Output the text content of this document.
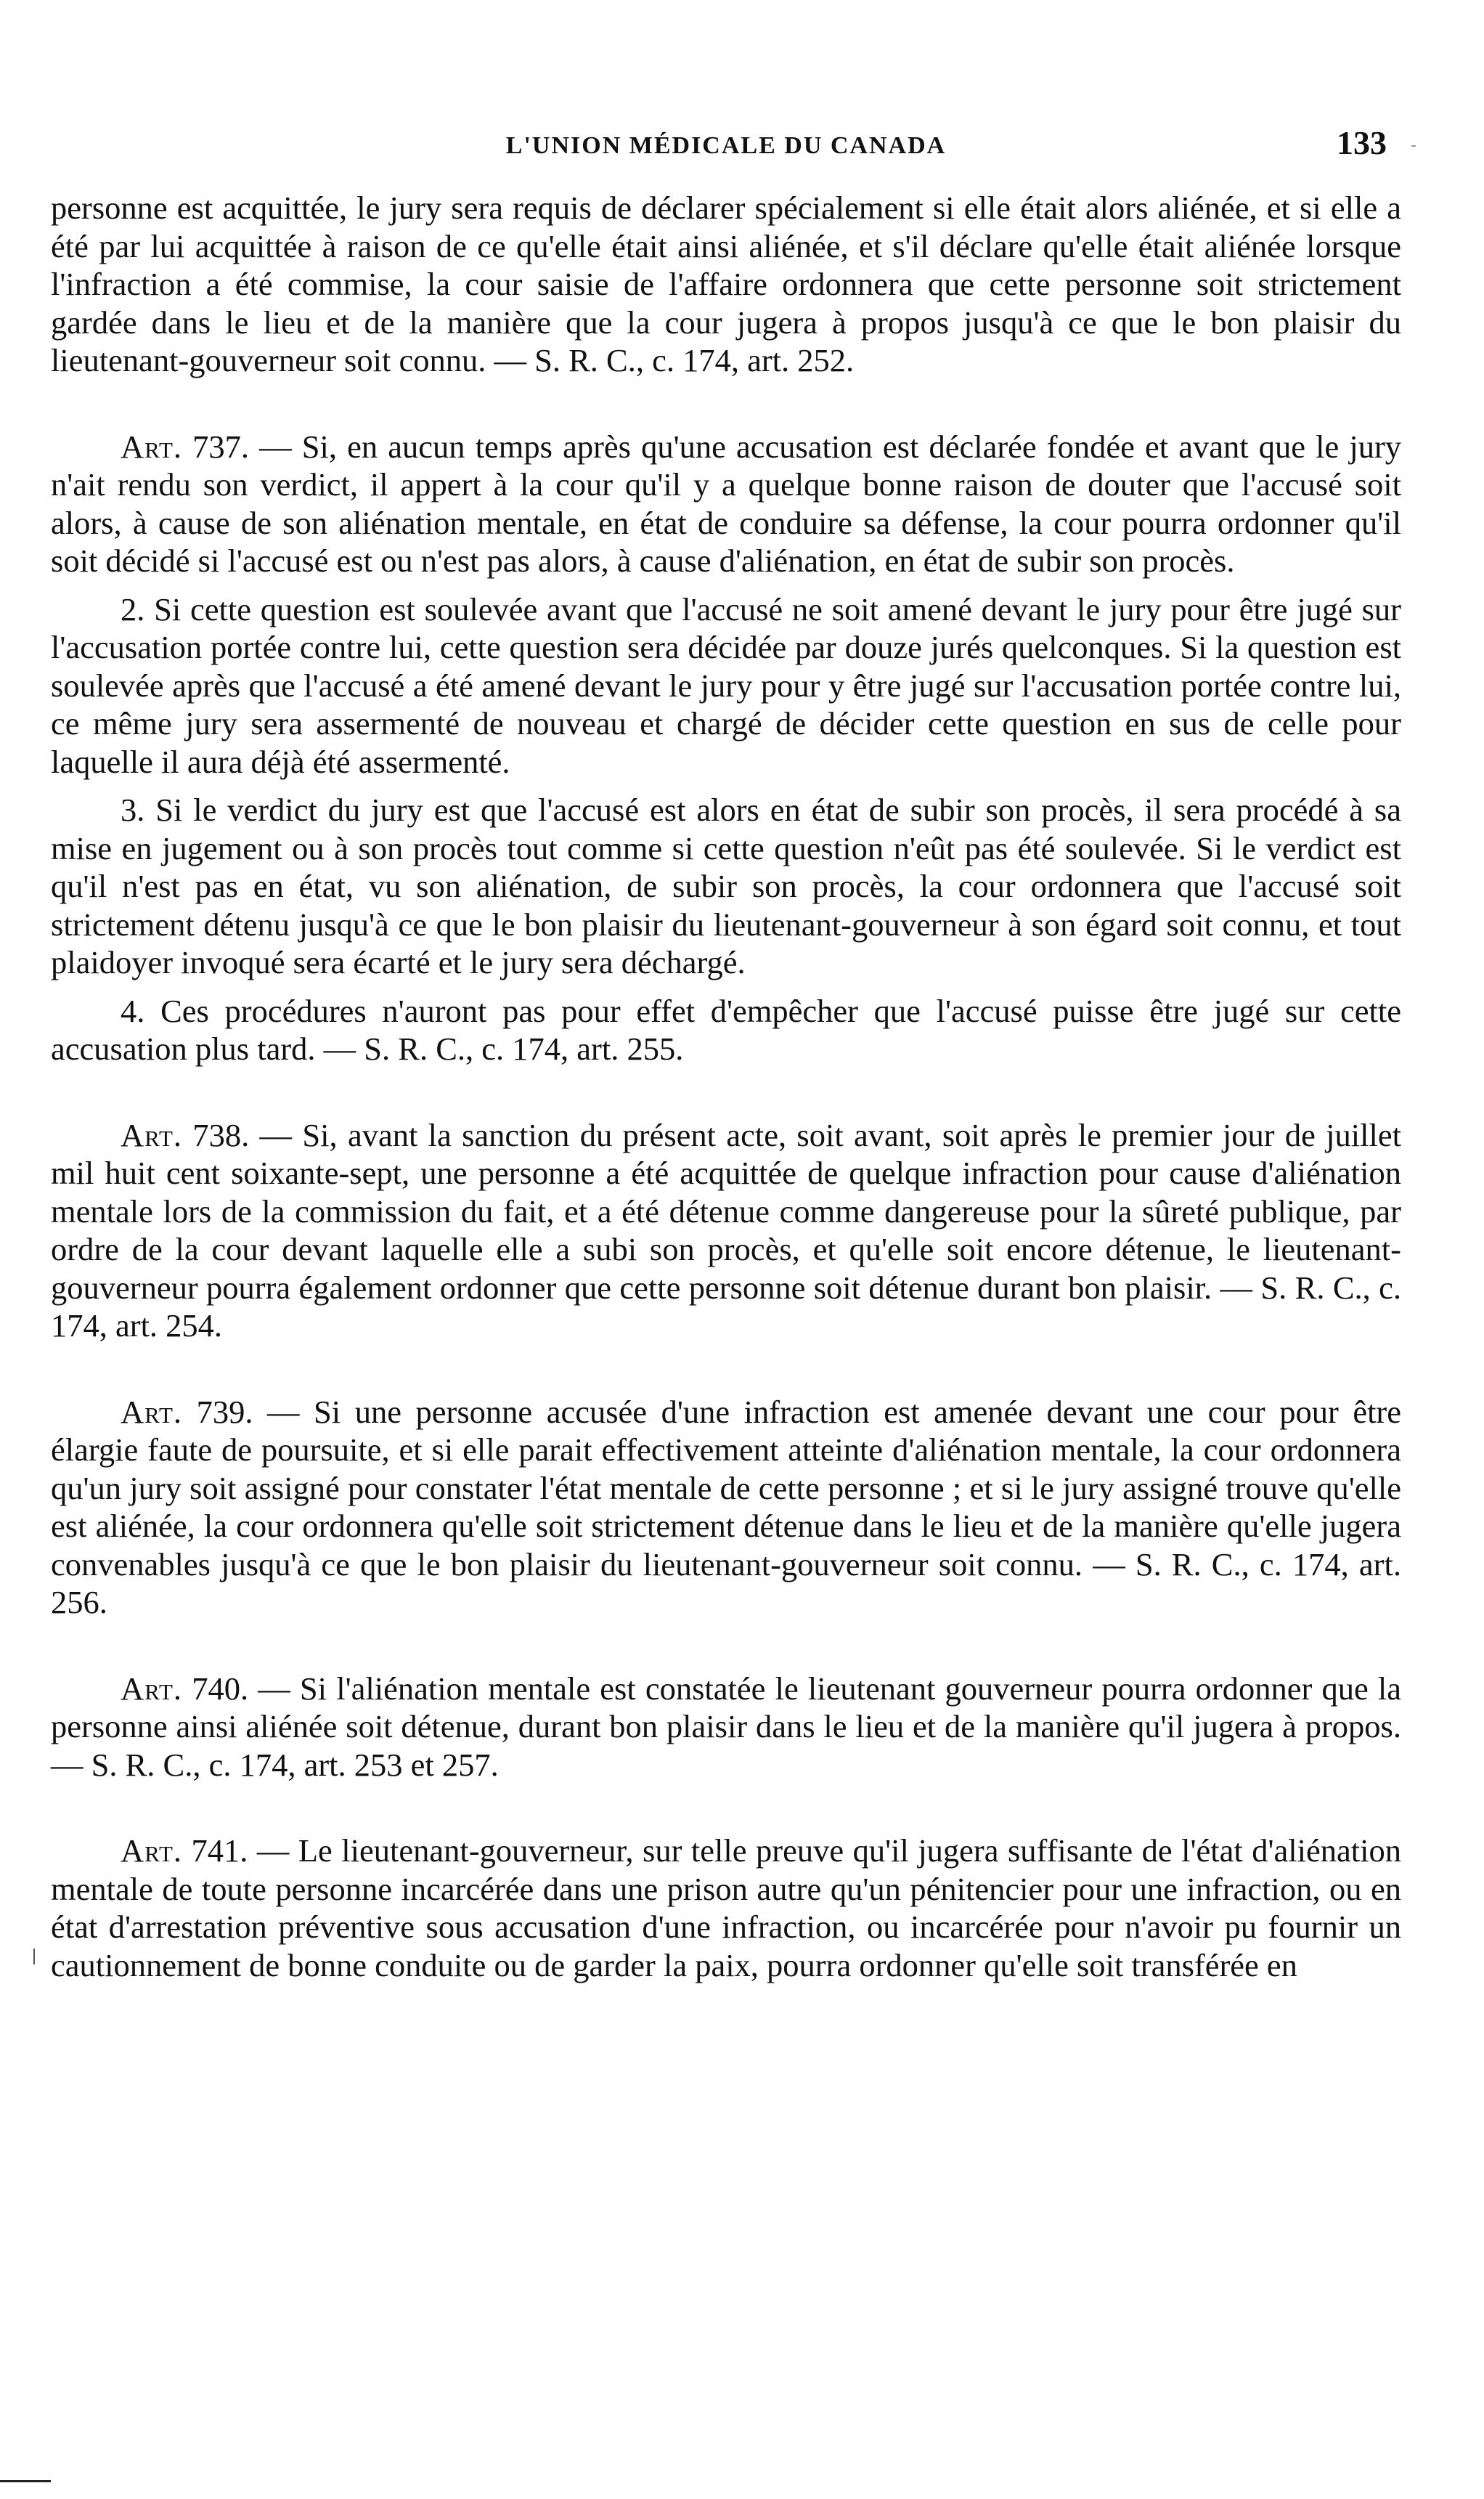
L'UNION MÉDICALE DU CANADA	133

personne est acquittée, le jury sera requis de déclarer spécialement si elle était alors aliénée, et si elle a été par lui acquittée à raison de ce qu'elle était ainsi aliénée, et s'il déclare qu'elle était aliénée lorsque l'infraction a été commise, la cour saisie de l'affaire ordonnera que cette personne soit strictement gardée dans le lieu et de la manière que la cour jugera à propos jusqu'à ce que le bon plaisir du lieutenant-gouverneur soit connu. — S. R. C., c. 174, art. 252.

Art. 737. — Si, en aucun temps après qu'une accusation est déclarée fondée et avant que le jury n'ait rendu son verdict, il appert à la cour qu'il y a quelque bonne raison de douter que l'accusé soit alors, à cause de son aliénation mentale, en état de conduire sa défense, la cour pourra ordonner qu'il soit décidé si l'accusé est ou n'est pas alors, à cause d'aliénation, en état de subir son procès.

2. Si cette question est soulevée avant que l'accusé ne soit amené devant le jury pour être jugé sur l'accusation portée contre lui, cette question sera décidée par douze jurés quelconques. Si la question est soulevée après que l'accusé a été amené devant le jury pour y être jugé sur l'accusation portée contre lui, ce même jury sera assermenté de nouveau et chargé de décider cette question en sus de celle pour laquelle il aura déjà été assermenté.

3. Si le verdict du jury est que l'accusé est alors en état de subir son procès, il sera procédé à sa mise en jugement ou à son procès tout comme si cette question n'eût pas été soulevée. Si le verdict est qu'il n'est pas en état, vu son aliénation, de subir son procès, la cour ordonnera que l'accusé soit strictement détenu jusqu'à ce que le bon plaisir du lieutenant-gouverneur à son égard soit connu, et tout plaidoyer invoqué sera écarté et le jury sera déchargé.

4. Ces procédures n'auront pas pour effet d'empêcher que l'accusé puisse être jugé sur cette accusation plus tard. — S. R. C., c. 174, art. 255.

Art. 738. — Si, avant la sanction du présent acte, soit avant, soit après le premier jour de juillet mil huit cent soixante-sept, une personne a été acquittée de quelque infraction pour cause d'aliénation mentale lors de la commission du fait, et a été détenue comme dangereuse pour la sûreté publique, par ordre de la cour devant laquelle elle a subi son procès, et qu'elle soit encore détenue, le lieutenant-gouverneur pourra également ordonner que cette personne soit détenue durant bon plaisir. — S. R. C., c. 174, art. 254.

Art. 739. — Si une personne accusée d'une infraction est amenée devant une cour pour être élargie faute de poursuite, et si elle parait effectivement atteinte d'aliénation mentale, la cour ordonnera qu'un jury soit assigné pour constater l'état mentale de cette personne ; et si le jury assigné trouve qu'elle est aliénée, la cour ordonnera qu'elle soit strictement détenue dans le lieu et de la manière qu'elle jugera convenables jusqu'à ce que le bon plaisir du lieutenant-gouverneur soit connu. — S. R. C., c. 174, art. 256.

Art. 740. — Si l'aliénation mentale est constatée le lieutenant gouverneur pourra ordonner que la personne ainsi aliénée soit détenue, durant bon plaisir dans le lieu et de la manière qu'il jugera à propos. — S. R. C., c. 174, art. 253 et 257.

Art. 741. — Le lieutenant-gouverneur, sur telle preuve qu'il jugera suffisante de l'état d'aliénation mentale de toute personne incarcérée dans une prison autre qu'un pénitencier pour une infraction, ou en état d'arrestation préventive sous accusation d'une infraction, ou incarcérée pour n'avoir pu fournir un cautionnement de bonne conduite ou de garder la paix, pourra ordonner qu'elle soit transférée en
